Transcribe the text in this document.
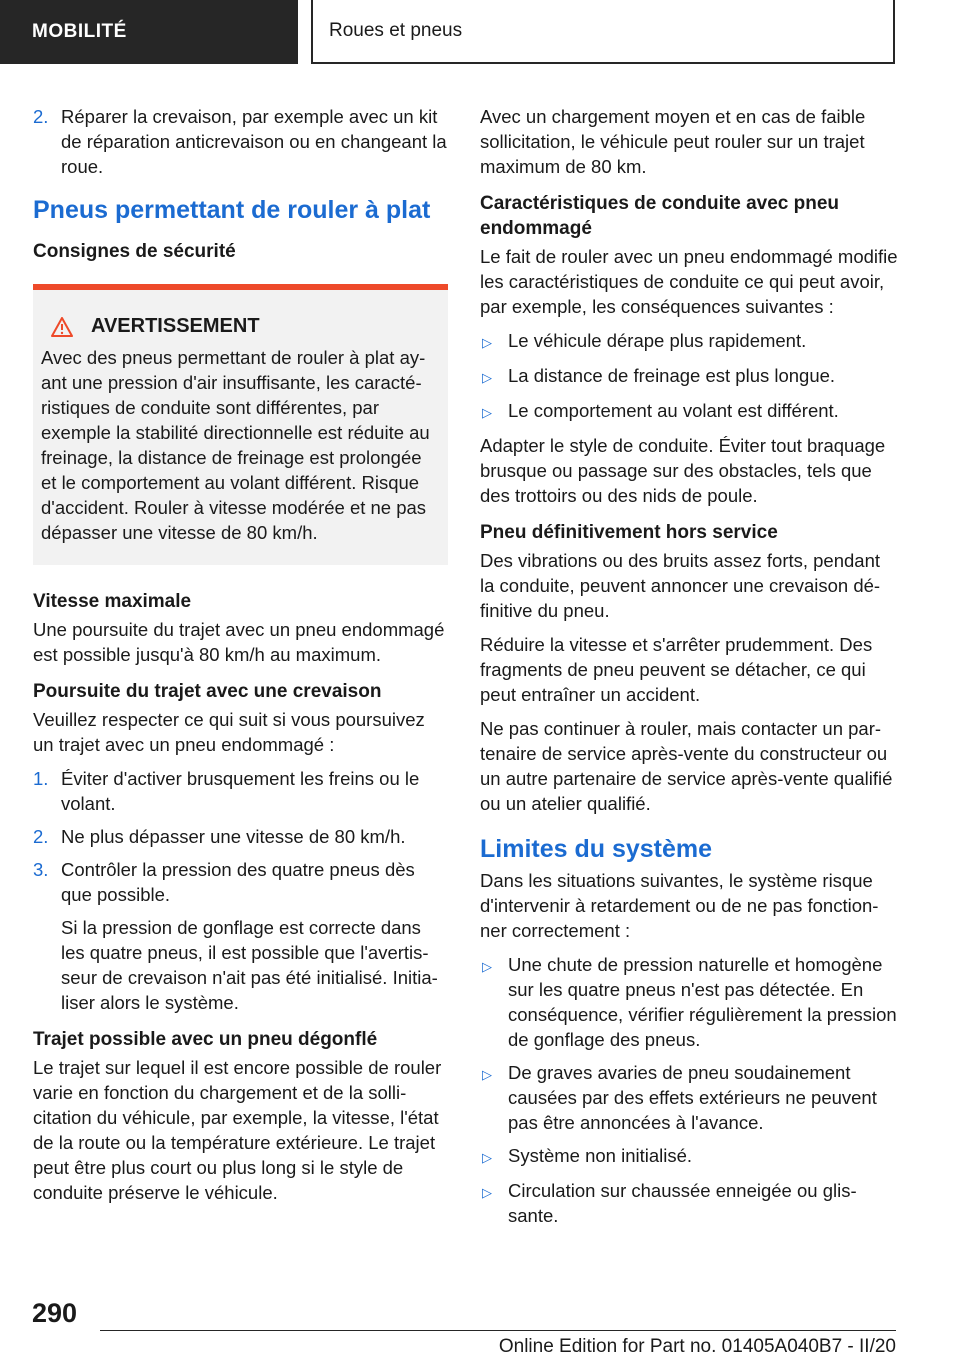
MOBILITÉ	Roues et pneus
2. Réparer la crevaison, par exemple avec un kit de réparation anticrevaison ou en changeant la roue.
Pneus permettant de rouler à plat
Consignes de sécurité
AVERTISSEMENT
Avec des pneus permettant de rouler à plat ayant une pression d'air insuffisante, les caractéristiques de conduite sont différentes, par exemple la stabilité directionnelle est réduite au freinage, la distance de freinage est prolongée et le comportement au volant différent. Risque d'accident. Rouler à vitesse modérée et ne pas dépasser une vitesse de 80 km/h.
Vitesse maximale

Une poursuite du trajet avec un pneu endommagé est possible jusqu'à 80 km/h au maximum.

Poursuite du trajet avec une crevaison

Veuillez respecter ce qui suit si vous poursuivez un trajet avec un pneu endommagé :

1. Éviter d'activer brusquement les freins ou le volant.
2. Ne plus dépasser une vitesse de 80 km/h.
3. Contrôler la pression des quatre pneus dès que possible.
Si la pression de gonflage est correcte dans les quatre pneus, il est possible que l'avertisseur de crevaison n'ait pas été initialisé. Initialiser alors le système.
Trajet possible avec un pneu dégonflé

Le trajet sur lequel il est encore possible de rouler varie en fonction du chargement et de la sollicitation du véhicule, par exemple, la vitesse, l'état de la route ou la température extérieure. Le trajet peut être plus court ou plus long si le style de conduite préserve le véhicule.

Avec un chargement moyen et en cas de faible sollicitation, le véhicule peut rouler sur un trajet maximum de 80 km.

Caractéristiques de conduite avec pneu endommagé

Le fait de rouler avec un pneu endommagé modifie les caractéristiques de conduite ce qui peut avoir, par exemple, les conséquences suivantes :

▷ Le véhicule dérape plus rapidement.
▷ La distance de freinage est plus longue.
▷ Le comportement au volant est différent.

Adapter le style de conduite. Éviter tout braquage brusque ou passage sur des obstacles, tels que des trottoirs ou des nids de poule.

Pneu définitivement hors service

Des vibrations ou des bruits assez forts, pendant la conduite, peuvent annoncer une crevaison définitive du pneu.

Réduire la vitesse et s'arrêter prudemment. Des fragments de pneu peuvent se détacher, ce qui peut entraîner un accident.

Ne pas continuer à rouler, mais contacter un partenaire de service après-vente du constructeur ou un autre partenaire de service après-vente qualifié ou un atelier qualifié.

Limites du système

Dans les situations suivantes, le système risque d'intervenir à retardement ou de ne pas fonctionner correctement :

▷ Une chute de pression naturelle et homogène sur les quatre pneus n'est pas détectée. En conséquence, vérifier régulièrement la pression de gonflage des pneus.
▷ De graves avaries de pneu soudainement causées par des effets extérieurs ne peuvent pas être annoncées à l'avance.
▷ Système non initialisé.
▷ Circulation sur chaussée enneigée ou glissante.
290
Online Edition for Part no. 01405A040B7 - II/20
